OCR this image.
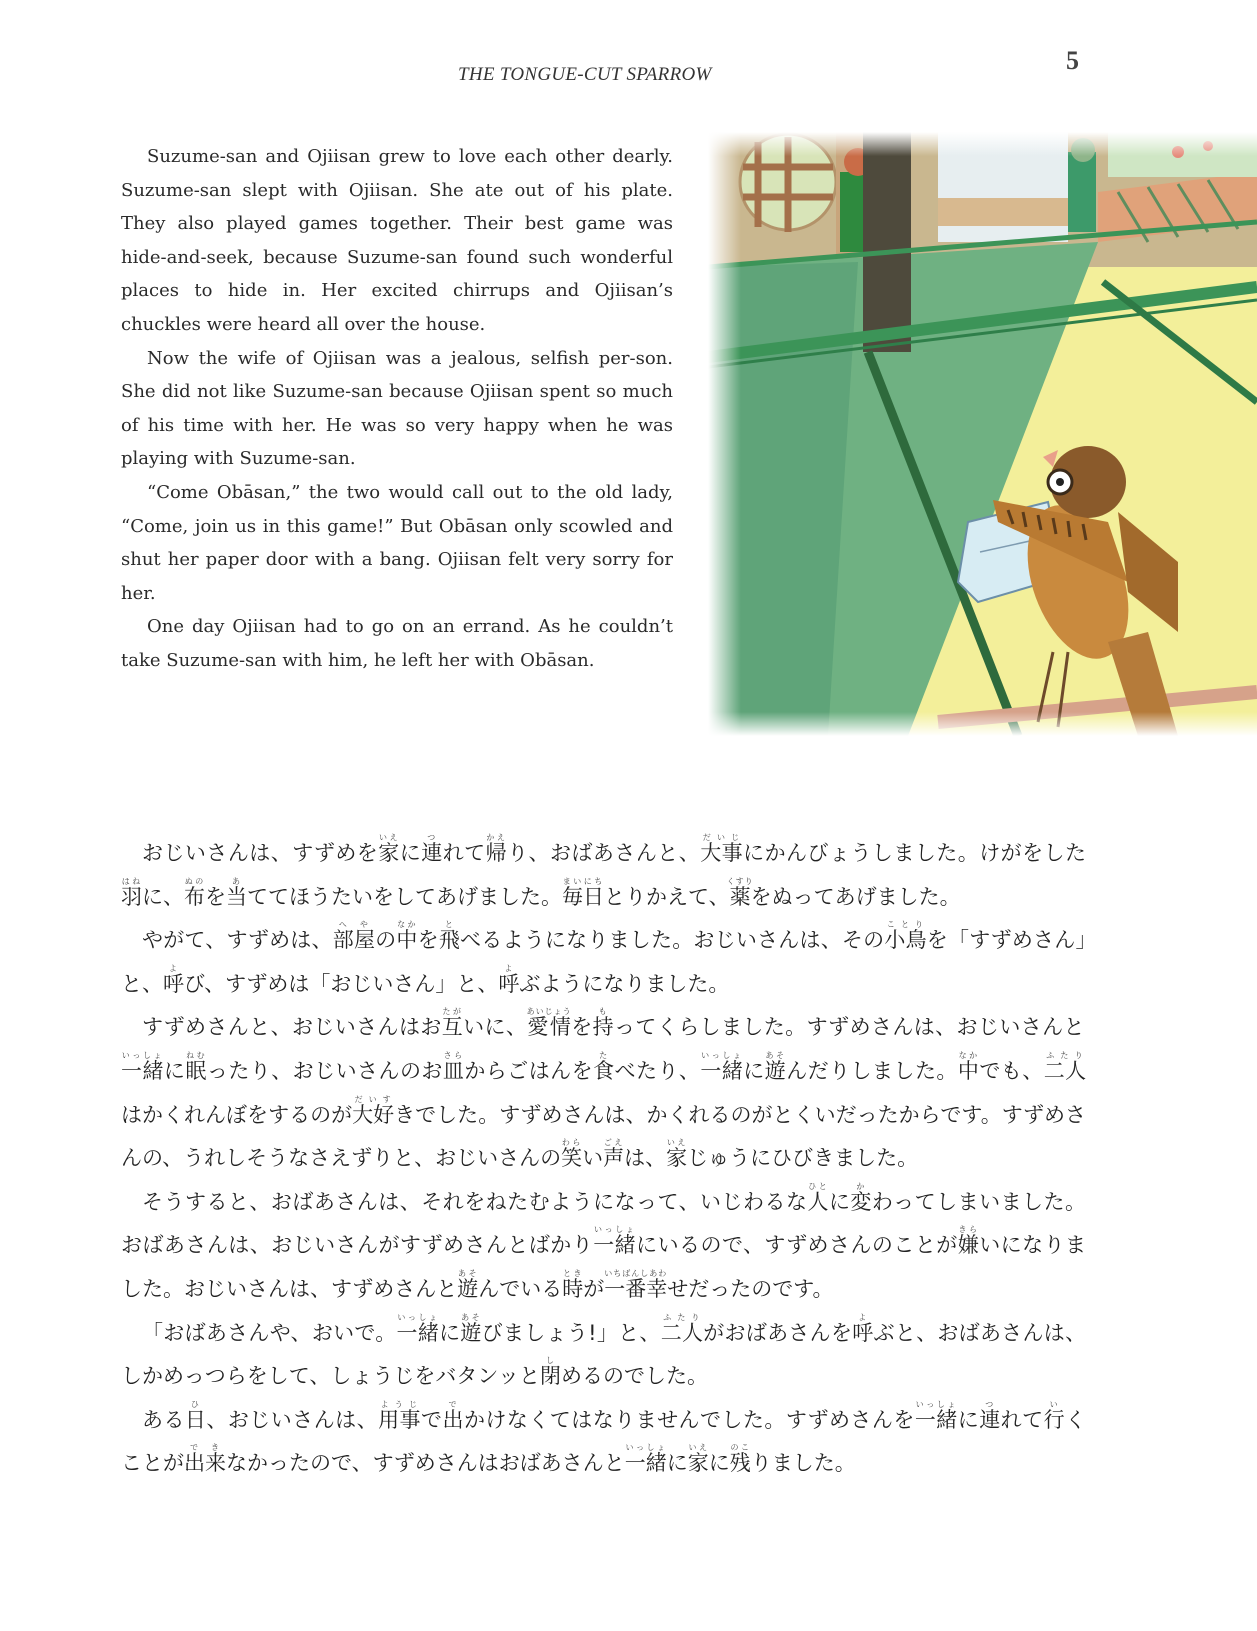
THE TONGUE-CUT SPARROW	5

Suzume-san and Ojiisan grew to love each other dearly. Suzume-san slept with Ojiisan. She ate out of his plate. They also played games together. Their best game was hide-and-seek, because Suzume-san found such wonderful places to hide in. Her excited chirrups and Ojiisan’s chuckles were heard all over the house.

Now the wife of Ojiisan was a jealous, selfish per-son. She did not like Suzume-san because Ojiisan spent so much of his time with her. He was so very happy when he was playing with Suzume-san.

“Come Obāsan,” the two would call out to the old lady, “Come, join us in this game!” But Obāsan only scowled and shut her paper door with a bang. Ojiisan felt very sorry for her.

One day Ojiisan had to go on an errand. As he couldn’t take Suzume-san with him, he left her with Obāsan.

おじいさんは、すずめを家いえに連つれて帰かえり、おばあさんと、大事だいじにかんびょうしました。けがをした羽はねに、布ぬのを当あててほうたいをしてあげました。毎日まいにちとりかえて、薬くすりをぬってあげました。

やがて、すずめは、部屋へやの中なかを飛とべるようになりました。おじいさんは、その小鳥ことりを「すずめさん」と、呼よび、すずめは「おじいさん」と、呼よぶようになりました。

すずめさんと、おじいさんはお互たがいに、愛情あいじょうを持もってくらしました。すずめさんは、おじいさんと一緒いっしょに眠ねむったり、おじいさんのお皿さらからごはんを食たべたり、一緒いっしょに遊あそんだりしました。中なかでも、二人ふたりはかくれんぼをするのが大好だいすきでした。すずめさんは、かくれるのがとくいだったからです。すずめさんの、うれしそうなさえずりと、おじいさんの笑わらい声ごえは、家いえじゅうにひびきました。

そうすると、おばあさんは、それをねたむようになって、いじわるな人ひとに変かわってしまいました。おばあさんは、おじいさんがすずめさんとばかり一緒いっしょにいるので、すずめさんのことが嫌きらいになりました。おじいさんは、すずめさんと遊あそんでいる時ときが一番幸いちばんしあわせだったのです。

「おばあさんや、おいで。一緒いっしょに遊あそびましょう!」と、二人ふたりがおばあさんを呼よぶと、おばあさんは、しかめっつらをして、しょうじをバタンッと閉しめるのでした。

ある日ひ、おじいさんは、用事ようじで出でかけなくてはなりませんでした。すずめさんを一緒いっしょに連つれて行いくことが出来できなかったので、すずめさんはおばあさんと一緒いっしょに家いえに残のこりました。
